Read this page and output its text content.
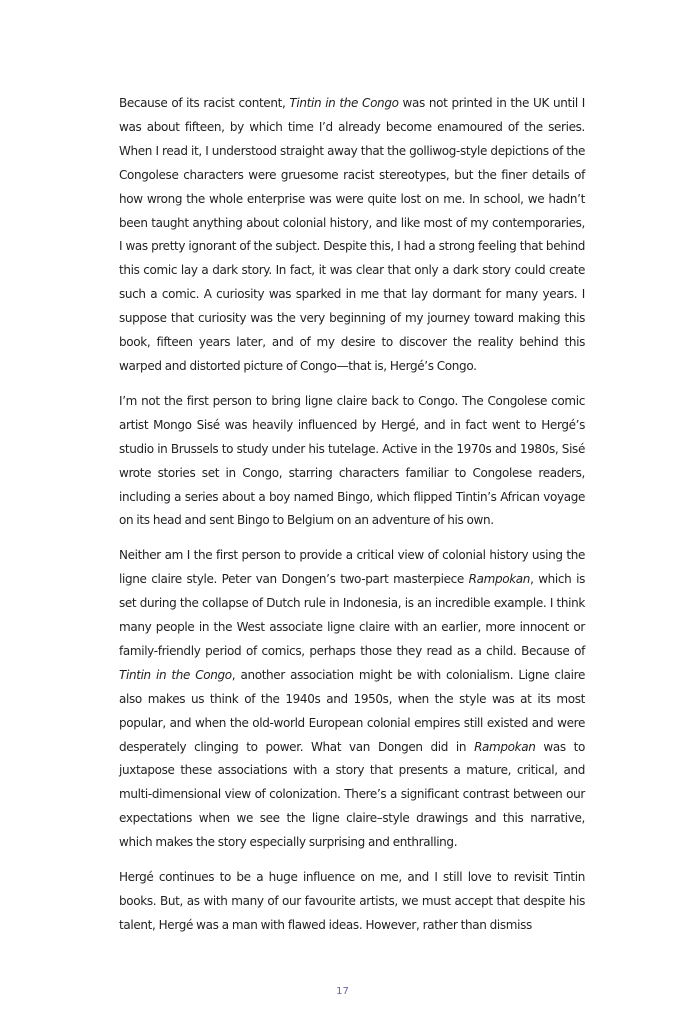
Because of its racist content, Tintin in the Congo was not printed in the UK until I was about fifteen, by which time I’d already become enamoured of the series. When I read it, I understood straight away that the golliwog-style depictions of the Congolese characters were gruesome racist stereotypes, but the finer details of how wrong the whole enterprise was were quite lost on me. In school, we hadn’t been taught anything about colonial history, and like most of my contemporaries, I was pretty ignorant of the subject. Despite this, I had a strong feeling that behind this comic lay a dark story. In fact, it was clear that only a dark story could create such a comic. A curiosity was sparked in me that lay dormant for many years. I suppose that curiosity was the very beginning of my journey toward making this book, fifteen years later, and of my desire to discover the reality behind this warped and distorted picture of Congo—that is, Hergé’s Congo.

I’m not the first person to bring ligne claire back to Congo. The Congolese comic artist Mongo Sisé was heavily influenced by Hergé, and in fact went to Hergé’s studio in Brussels to study under his tutelage. Active in the 1970s and 1980s, Sisé wrote stories set in Congo, starring characters familiar to Congolese readers, including a series about a boy named Bingo, which flipped Tintin’s African voyage on its head and sent Bingo to Belgium on an adventure of his own.

Neither am I the first person to provide a critical view of colonial history using the ligne claire style. Peter van Dongen’s two-part masterpiece Rampokan, which is set during the collapse of Dutch rule in Indonesia, is an incredible example. I think many people in the West associate ligne claire with an earlier, more innocent or family-friendly period of comics, perhaps those they read as a child. Because of Tintin in the Congo, another association might be with colonialism. Ligne claire also makes us think of the 1940s and 1950s, when the style was at its most popular, and when the old-world European colonial empires still existed and were desperately clinging to power. What van Dongen did in Rampokan was to juxtapose these associations with a story that presents a mature, critical, and multi-dimensional view of colonization. There’s a significant contrast between our expectations when we see the ligne claire–style drawings and this narrative, which makes the story especially surprising and enthralling.

Hergé continues to be a huge influence on me, and I still love to revisit Tintin books. But, as with many of our favourite artists, we must accept that despite his talent, Hergé was a man with flawed ideas. However, rather than dismiss

17
